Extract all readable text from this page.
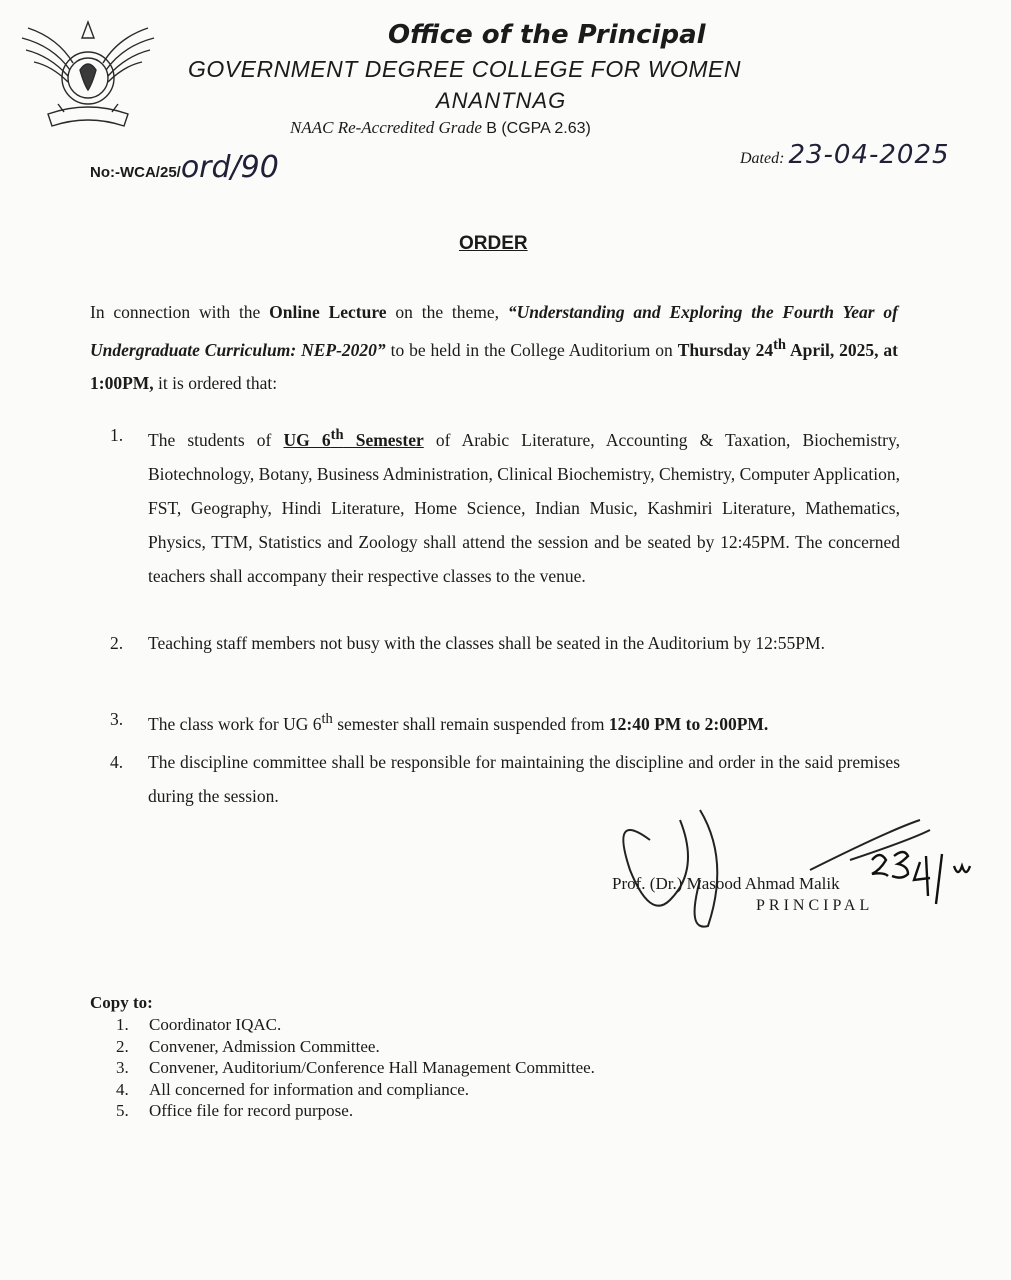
Office of the Principal
GOVERNMENT DEGREE COLLEGE FOR WOMEN
ANANTNAG
NAAC Re-Accredited Grade B (CGPA 2.63)
No:-WCA/25/ord/90	Dated: 23-04-2025
ORDER
In connection with the Online Lecture on the theme, “Understanding and Exploring the Fourth Year of Undergraduate Curriculum: NEP-2020” to be held in the College Auditorium on Thursday 24th April, 2025, at 1:00PM, it is ordered that:
1.	The students of UG 6th Semester of Arabic Literature, Accounting & Taxation, Biochemistry, Biotechnology, Botany, Business Administration, Clinical Biochemistry, Chemistry, Computer Application, FST, Geography, Hindi Literature, Home Science, Indian Music, Kashmiri Literature, Mathematics, Physics, TTM, Statistics and Zoology shall attend the session and be seated by 12:45PM. The concerned teachers shall accompany their respective classes to the venue.
2.	Teaching staff members not busy with the classes shall be seated in the Auditorium by 12:55PM.
3.	The class work for UG 6th semester shall remain suspended from 12:40 PM to 2:00PM.
4.	The discipline committee shall be responsible for maintaining the discipline and order in the said premises during the session.
Prof. (Dr.) Masood Ahmad Malik
PRINCIPAL
Copy to:
1. Coordinator IQAC.
2. Convener, Admission Committee.
3. Convener, Auditorium/Conference Hall Management Committee.
4. All concerned for information and compliance.
5. Office file for record purpose.
